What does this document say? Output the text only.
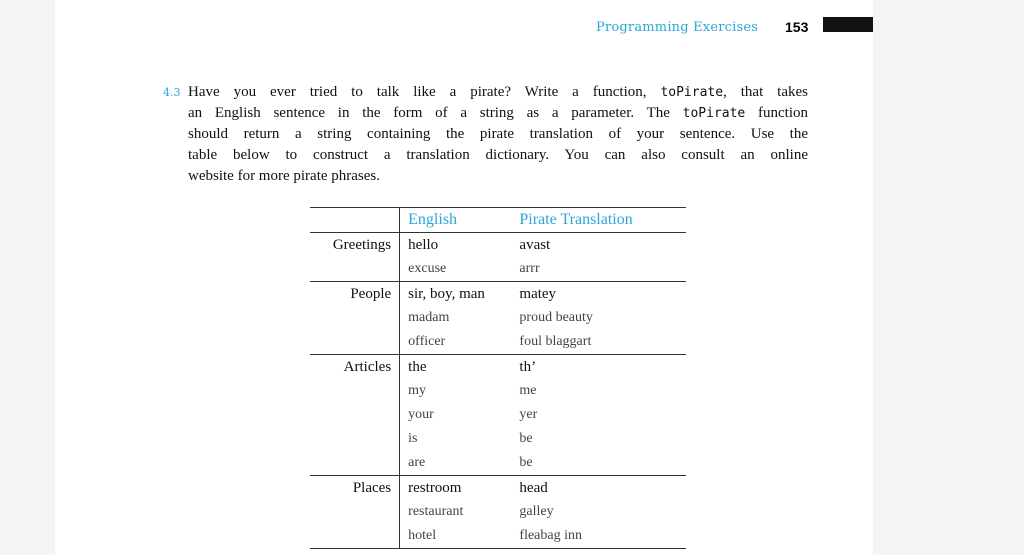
Programming Exercises 153
4.3 Have you ever tried to talk like a pirate? Write a function, toPirate, that takes
an English sentence in the form of a string as a parameter. The toPirate function
should return a string containing the pirate translation of your sentence. Use the
table below to construct a translation dictionary. You can also consult an online
website for more pirate phrases.
	English	Pirate Translation
Greetings	hello	avast
	excuse	arrr
People	sir, boy, man	matey
	madam	proud beauty
	officer	foul blaggart
Articles	the	th’
	my	me
	your	yer
	is	be
	are	be
Places	restroom	head
	restaurant	galley
	hotel	fleabag inn
